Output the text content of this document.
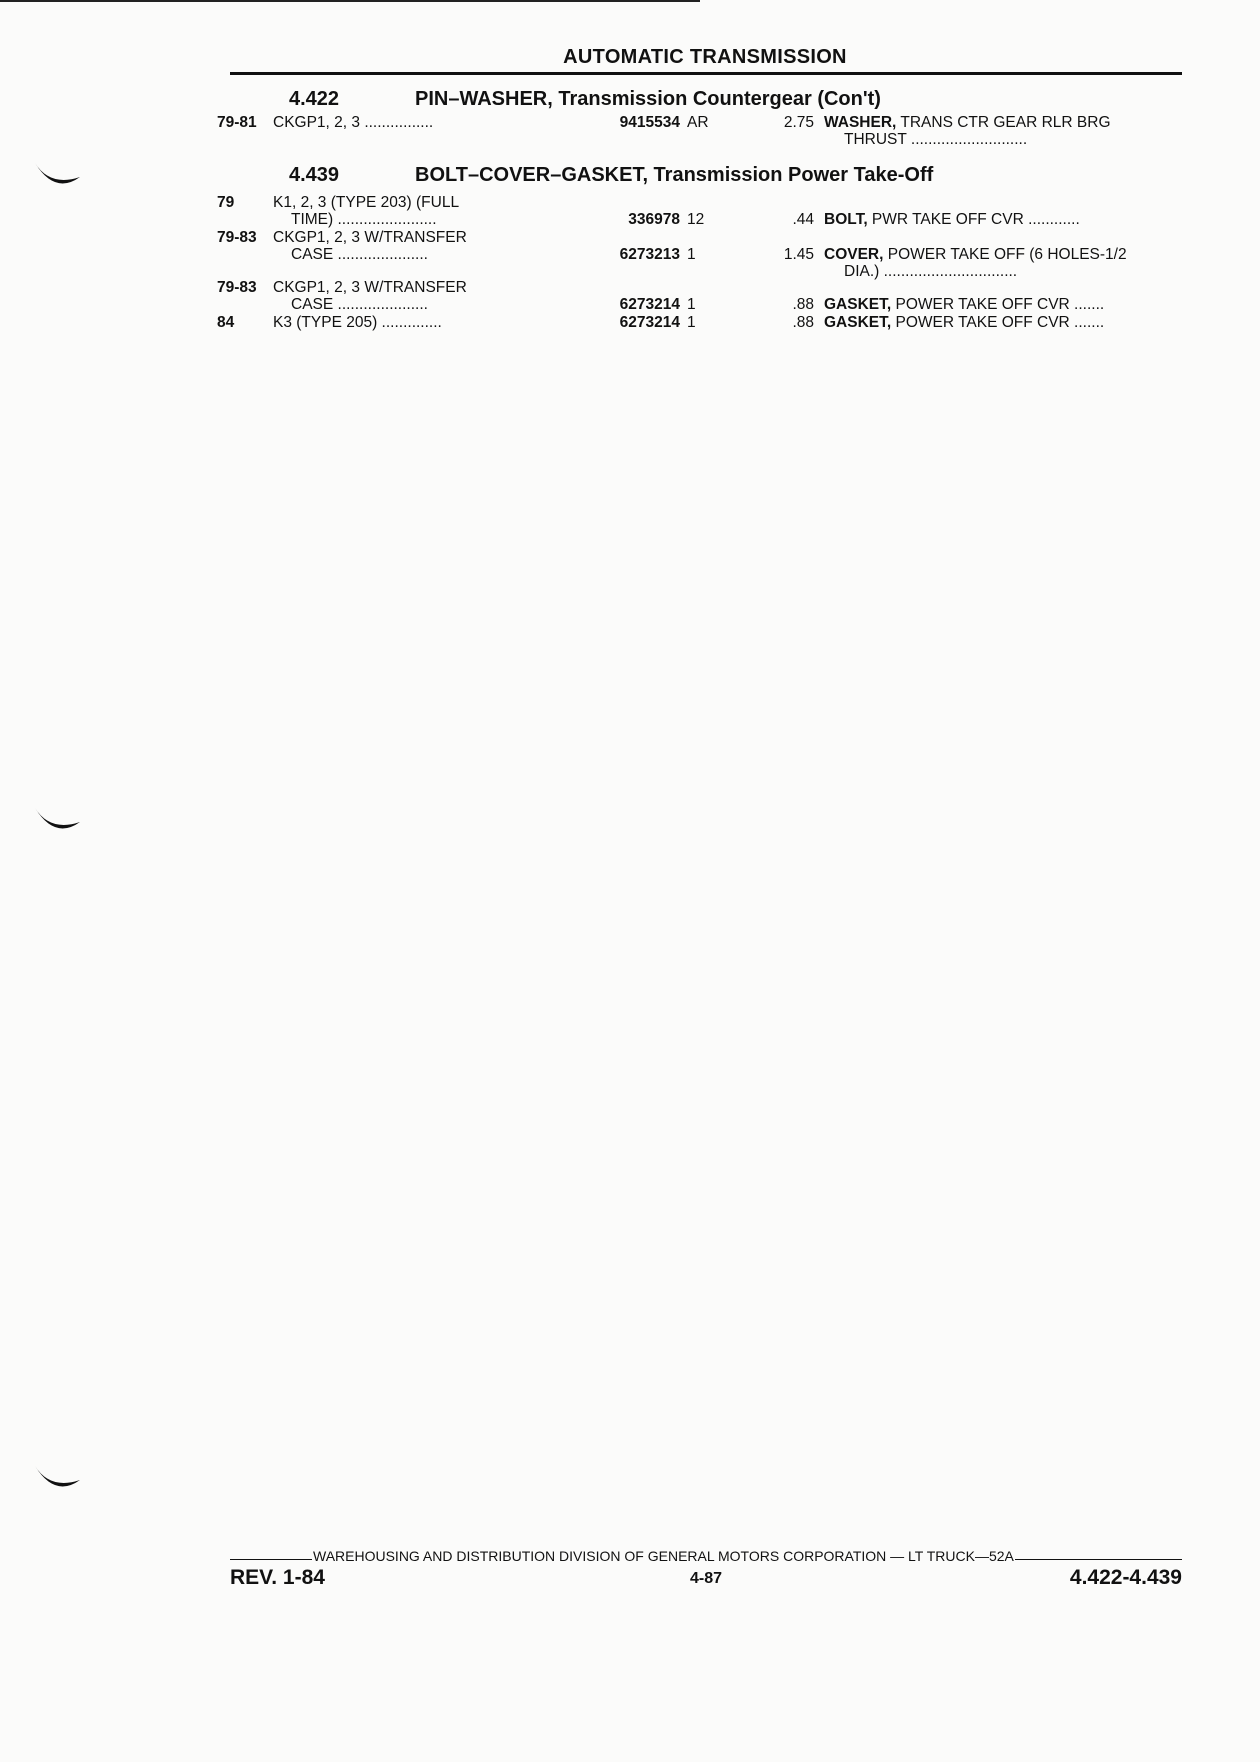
AUTOMATIC TRANSMISSION
4.422	PIN–WASHER, Transmission Countergear (Con't)
79-81 CKGP1, 2, 3 ................	9415534 AR	2.75 WASHER, TRANS CTR GEAR RLR BRG
THRUST ...........................
4.439	BOLT–COVER–GASKET, Transmission Power Take-Off
79	K1, 2, 3 (TYPE 203) (FULL
TIME) .......................	336978 12	.44 BOLT, PWR TAKE OFF CVR ............
79-83 CKGP1, 2, 3 W/TRANSFER
CASE .....................	6273213 1	1.45 COVER, POWER TAKE OFF (6 HOLES-1/2
DIA.) ...............................
79-83 CKGP1, 2, 3 W/TRANSFER
CASE .....................	6273214 1	.88 GASKET, POWER TAKE OFF CVR .......
84	K3 (TYPE 205) ..............	6273214 1	.88 GASKET, POWER TAKE OFF CVR .......
WAREHOUSING AND DISTRIBUTION DIVISION OF GENERAL MOTORS CORPORATION — LT TRUCK—52A
REV. 1-84	4-87	4.422-4.439
